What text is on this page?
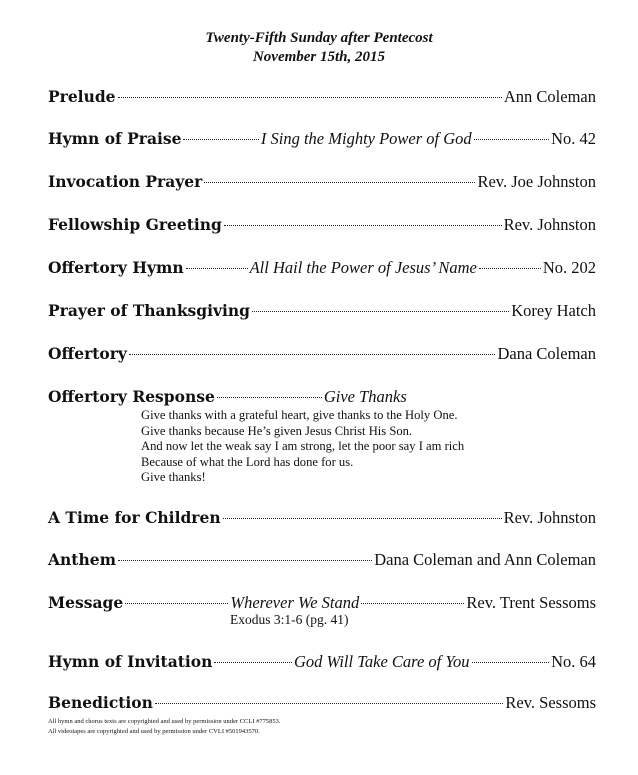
Twenty-Fifth Sunday after Pentecost
November 15th, 2015
Prelude	Ann Coleman
Hymn of Praise	I Sing the Mighty Power of God	No. 42
Invocation Prayer	Rev. Joe Johnston
Fellowship Greeting	Rev. Johnston
Offertory Hymn	All Hail the Power of Jesus’ Name	No. 202
Prayer of Thanksgiving	Korey Hatch
Offertory	Dana Coleman
Offertory Response	Give Thanks
Give thanks with a grateful heart, give thanks to the Holy One.
Give thanks because He’s given Jesus Christ His Son.
And now let the weak say I am strong, let the poor say I am rich
Because of what the Lord has done for us.
Give thanks!
A Time for Children	Rev. Johnston
Anthem	Dana Coleman and Ann Coleman
Message	Wherever We Stand	Rev. Trent Sessoms
Exodus 3:1-6 (pg. 41)
Hymn of Invitation	God Will Take Care of You	No. 64
Benediction	Rev. Sessoms
All hymn and chorus texts are copyrighted and used by permission under CCLI #775853.
All videotapes are copyrighted and used by permission under CVLI #501943570.
